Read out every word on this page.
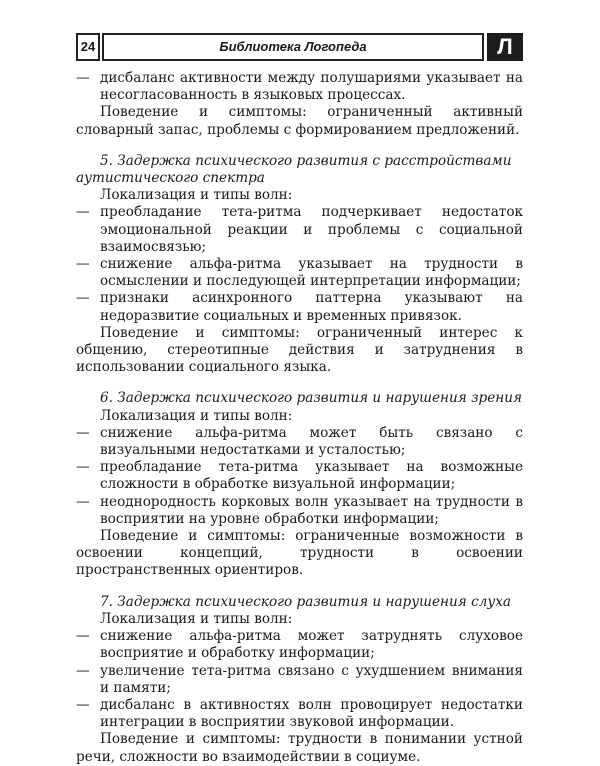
24	Библиотека Логопеда	Л
— дисбаланс активности между полушариями указывает на несогласованность в языковых процессах.
Поведение и симптомы: ограниченный активный словарный запас, проблемы с формированием предложений.
5. Задержка психического развития с расстройствами аутистического спектра
Локализация и типы волн:
— преобладание тета-ритма подчеркивает недостаток эмоциональной реакции и проблемы с социальной взаимосвязью;
— снижение альфа-ритма указывает на трудности в осмыслении и последующей интерпретации информации;
— признаки асинхронного паттерна указывают на недоразвитие социальных и временных привязок.
Поведение и симптомы: ограниченный интерес к общению, стереотипные действия и затруднения в использовании социального языка.
6. Задержка психического развития и нарушения зрения
Локализация и типы волн:
— снижение альфа-ритма может быть связано с визуальными недостатками и усталостью;
— преобладание тета-ритма указывает на возможные сложности в обработке визуальной информации;
— неоднородность корковых волн указывает на трудности в восприятии на уровне обработки информации;
Поведение и симптомы: ограниченные возможности в освоении концепций, трудности в освоении пространственных ориентиров.
7. Задержка психического развития и нарушения слуха
Локализация и типы волн:
— снижение альфа-ритма может затруднять слуховое восприятие и обработку информации;
— увеличение тета-ритма связано с ухудшением внимания и памяти;
— дисбаланс в активностях волн провоцирует недостатки интеграции в восприятии звуковой информации.
Поведение и симптомы: трудности в понимании устной речи, сложности во взаимодействии в социуме.
